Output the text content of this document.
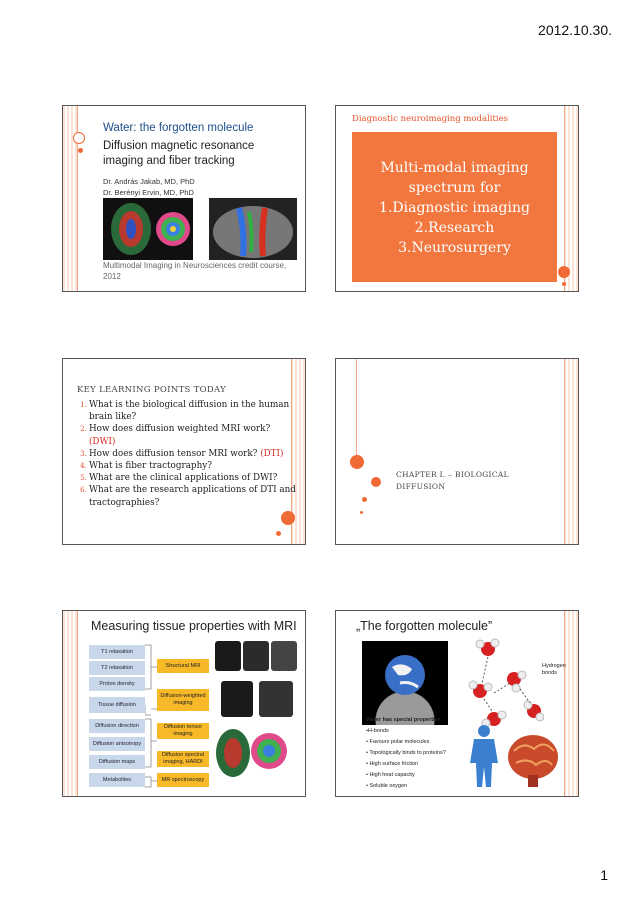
2012.10.30.
Water: the forgotten molecule
Diffusion magnetic resonance imaging and fiber tracking
Dr. András Jakab, MD, PhD
Dr. Berényi Ervin, MD, PhD
Multimodal Imaging in Neurosciences credit course,
2012
Diagnostic neuroimaging modalities
Multi-modal imaging
spectrum for
1.Diagnostic imaging
2.Research
3.Neurosurgery
KEY LEARNING POINTS TODAY
1. What is the biological diffusion in the human brain like?
2. How does diffusion weighted MRI work? (DWI)
3. How does diffusion tensor MRI work? (DTI)
4. What is fiber tractography?
5. What are the clinical applications of DWI?
6. What are the research applications of DTI and tractographies?
CHAPTER I. – BIOLOGICAL
DIFFUSION
Measuring tissue properties with MRI
T1 relaxation
T2 relaxation
Proton density
Tissue diffusion
Diffusion direction
Diffusion anisotropy
Diffusion maps
Metabolites
Structural MRI
Diffusion-weighted imaging
Diffusion tensor imaging
Diffusion spectral imaging, HARDI
MR spectroscopy
„The forgotten molecule”
Hydrogen bonds
Water has special properties:
•H-bonds
• Favours polar molecules
• Topologically binds to proteins?
• High surface friction
• High heat capacity
• Soluble oxygen
1
